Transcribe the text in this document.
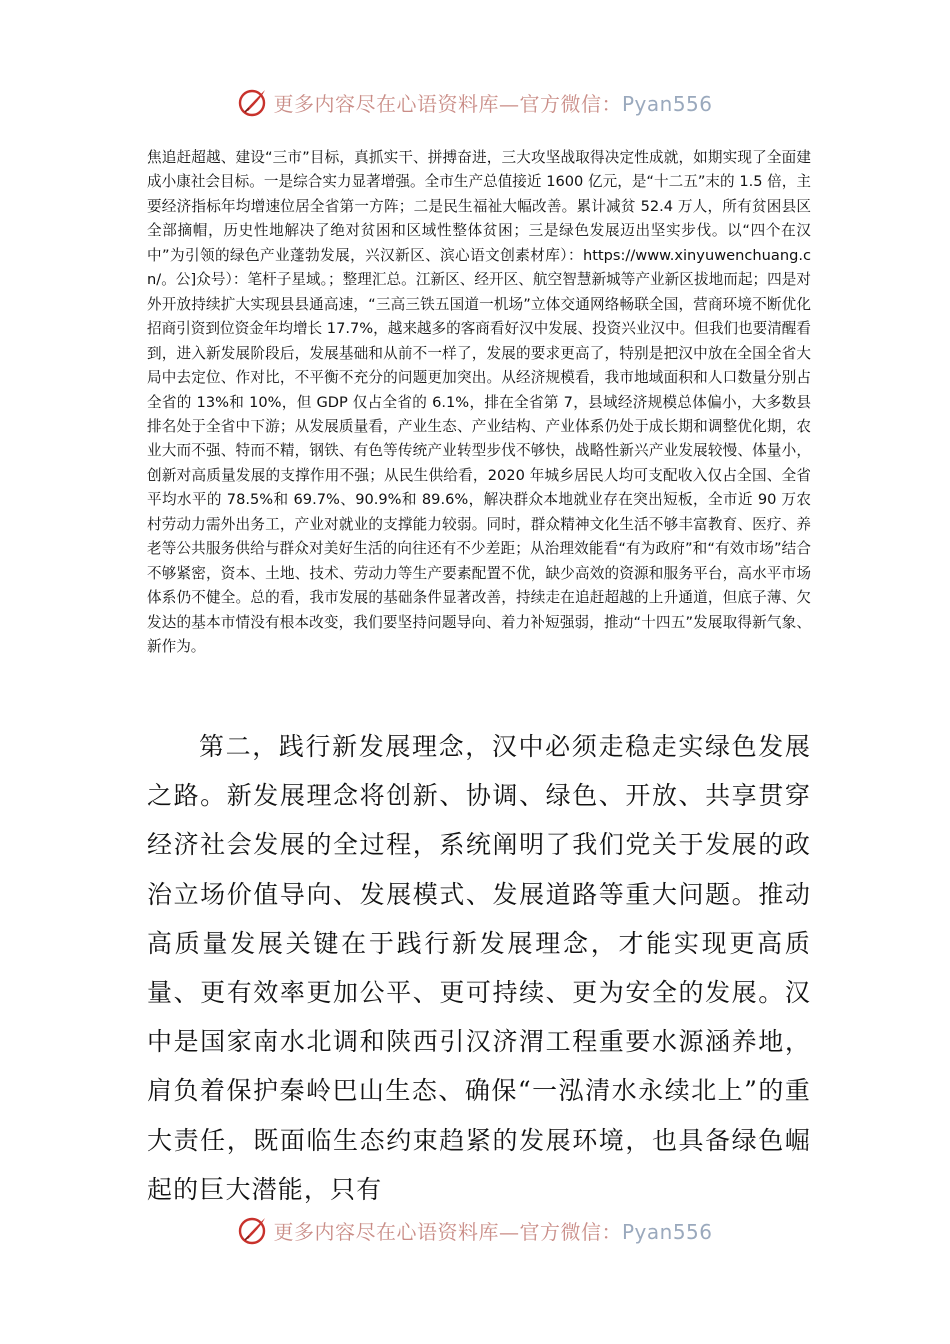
更多内容尽在心语资料库—官方微信：Pyan556
焦追赶超越、建设“三市”目标，真抓实干、拼搏奋进，三大攻坚战取得决定性成就，如期实现了全面建成小康社会目标。一是综合实力显著增强。全市生产总值接近 1600 亿元，是“十二五”末的 1.5 倍，主要经济指标年均增速位居全省第一方阵；二是民生福祉大幅改善。累计减贫 52.4 万人，所有贫困县区全部摘帽，历史性地解决了绝对贫困和区域性整体贫困；三是绿色发展迈出坚实步伐。以“四个在汉中”为引领的绿色产业蓬勃发展，兴汉新区、滨心语文创素材库）：https://www.xinyuwenchuang.cn/。公]众号）：笔杆子星域。；整理汇总。江新区、经开区、航空智慧新城等产业新区拔地而起；四是对外开放持续扩大实现县县通高速，“三高三铁五国道一机场”立体交通网络畅联全国，营商环境不断优化招商引资到位资金年均增长 17.7%，越来越多的客商看好汉中发展、投资兴业汉中。但我们也要清醒看到，进入新发展阶段后，发展基础和从前不一样了，发展的要求更高了，特别是把汉中放在全国全省大局中去定位、作对比，不平衡不充分的问题更加突出。从经济规模看，我市地域面积和人口数量分别占全省的 13%和 10%，但 GDP 仅占全省的 6.1%，排在全省第 7，县域经济规模总体偏小，大多数县排名处于全省中下游；从发展质量看，产业生态、产业结构、产业体系仍处于成长期和调整优化期，农业大而不强、特而不精，钢铁、有色等传统产业转型步伐不够快，战略性新兴产业发展较慢、体量小，创新对高质量发展的支撑作用不强；从民生供给看，2020 年城乡居民人均可支配收入仅占全国、全省平均水平的 78.5%和 69.7%、90.9%和 89.6%，解决群众本地就业存在突出短板，全市近 90 万农村劳动力需外出务工，产业对就业的支撑能力较弱。同时，群众精神文化生活不够丰富教育、医疗、养老等公共服务供给与群众对美好生活的向往还有不少差距；从治理效能看“有为政府”和“有效市场”结合不够紧密，资本、土地、技术、劳动力等生产要素配置不优，缺少高效的资源和服务平台，高水平市场体系仍不健全。总的看，我市发展的基础条件显著改善，持续走在追赶超越的上升通道，但底子薄、欠发达的基本市情没有根本改变，我们要坚持问题导向、着力补短强弱，推动“十四五”发展取得新气象、新作为。
第二，践行新发展理念，汉中必须走稳走实绿色发展之路。新发展理念将创新、协调、绿色、开放、共享贯穿经济社会发展的全过程，系统阐明了我们党关于发展的政治立场价值导向、发展模式、发展道路等重大问题。推动高质量发展关键在于践行新发展理念，才能实现更高质量、更有效率更加公平、更可持续、更为安全的发展。汉中是国家南水北调和陕西引汉济渭工程重要水源涵养地，肩负着保护秦岭巴山生态、确保“一泓清水永续北上”的重大责任，既面临生态约束趋紧的发展环境，也具备绿色崛起的巨大潜能，只有
更多内容尽在心语资料库—官方微信：Pyan556
